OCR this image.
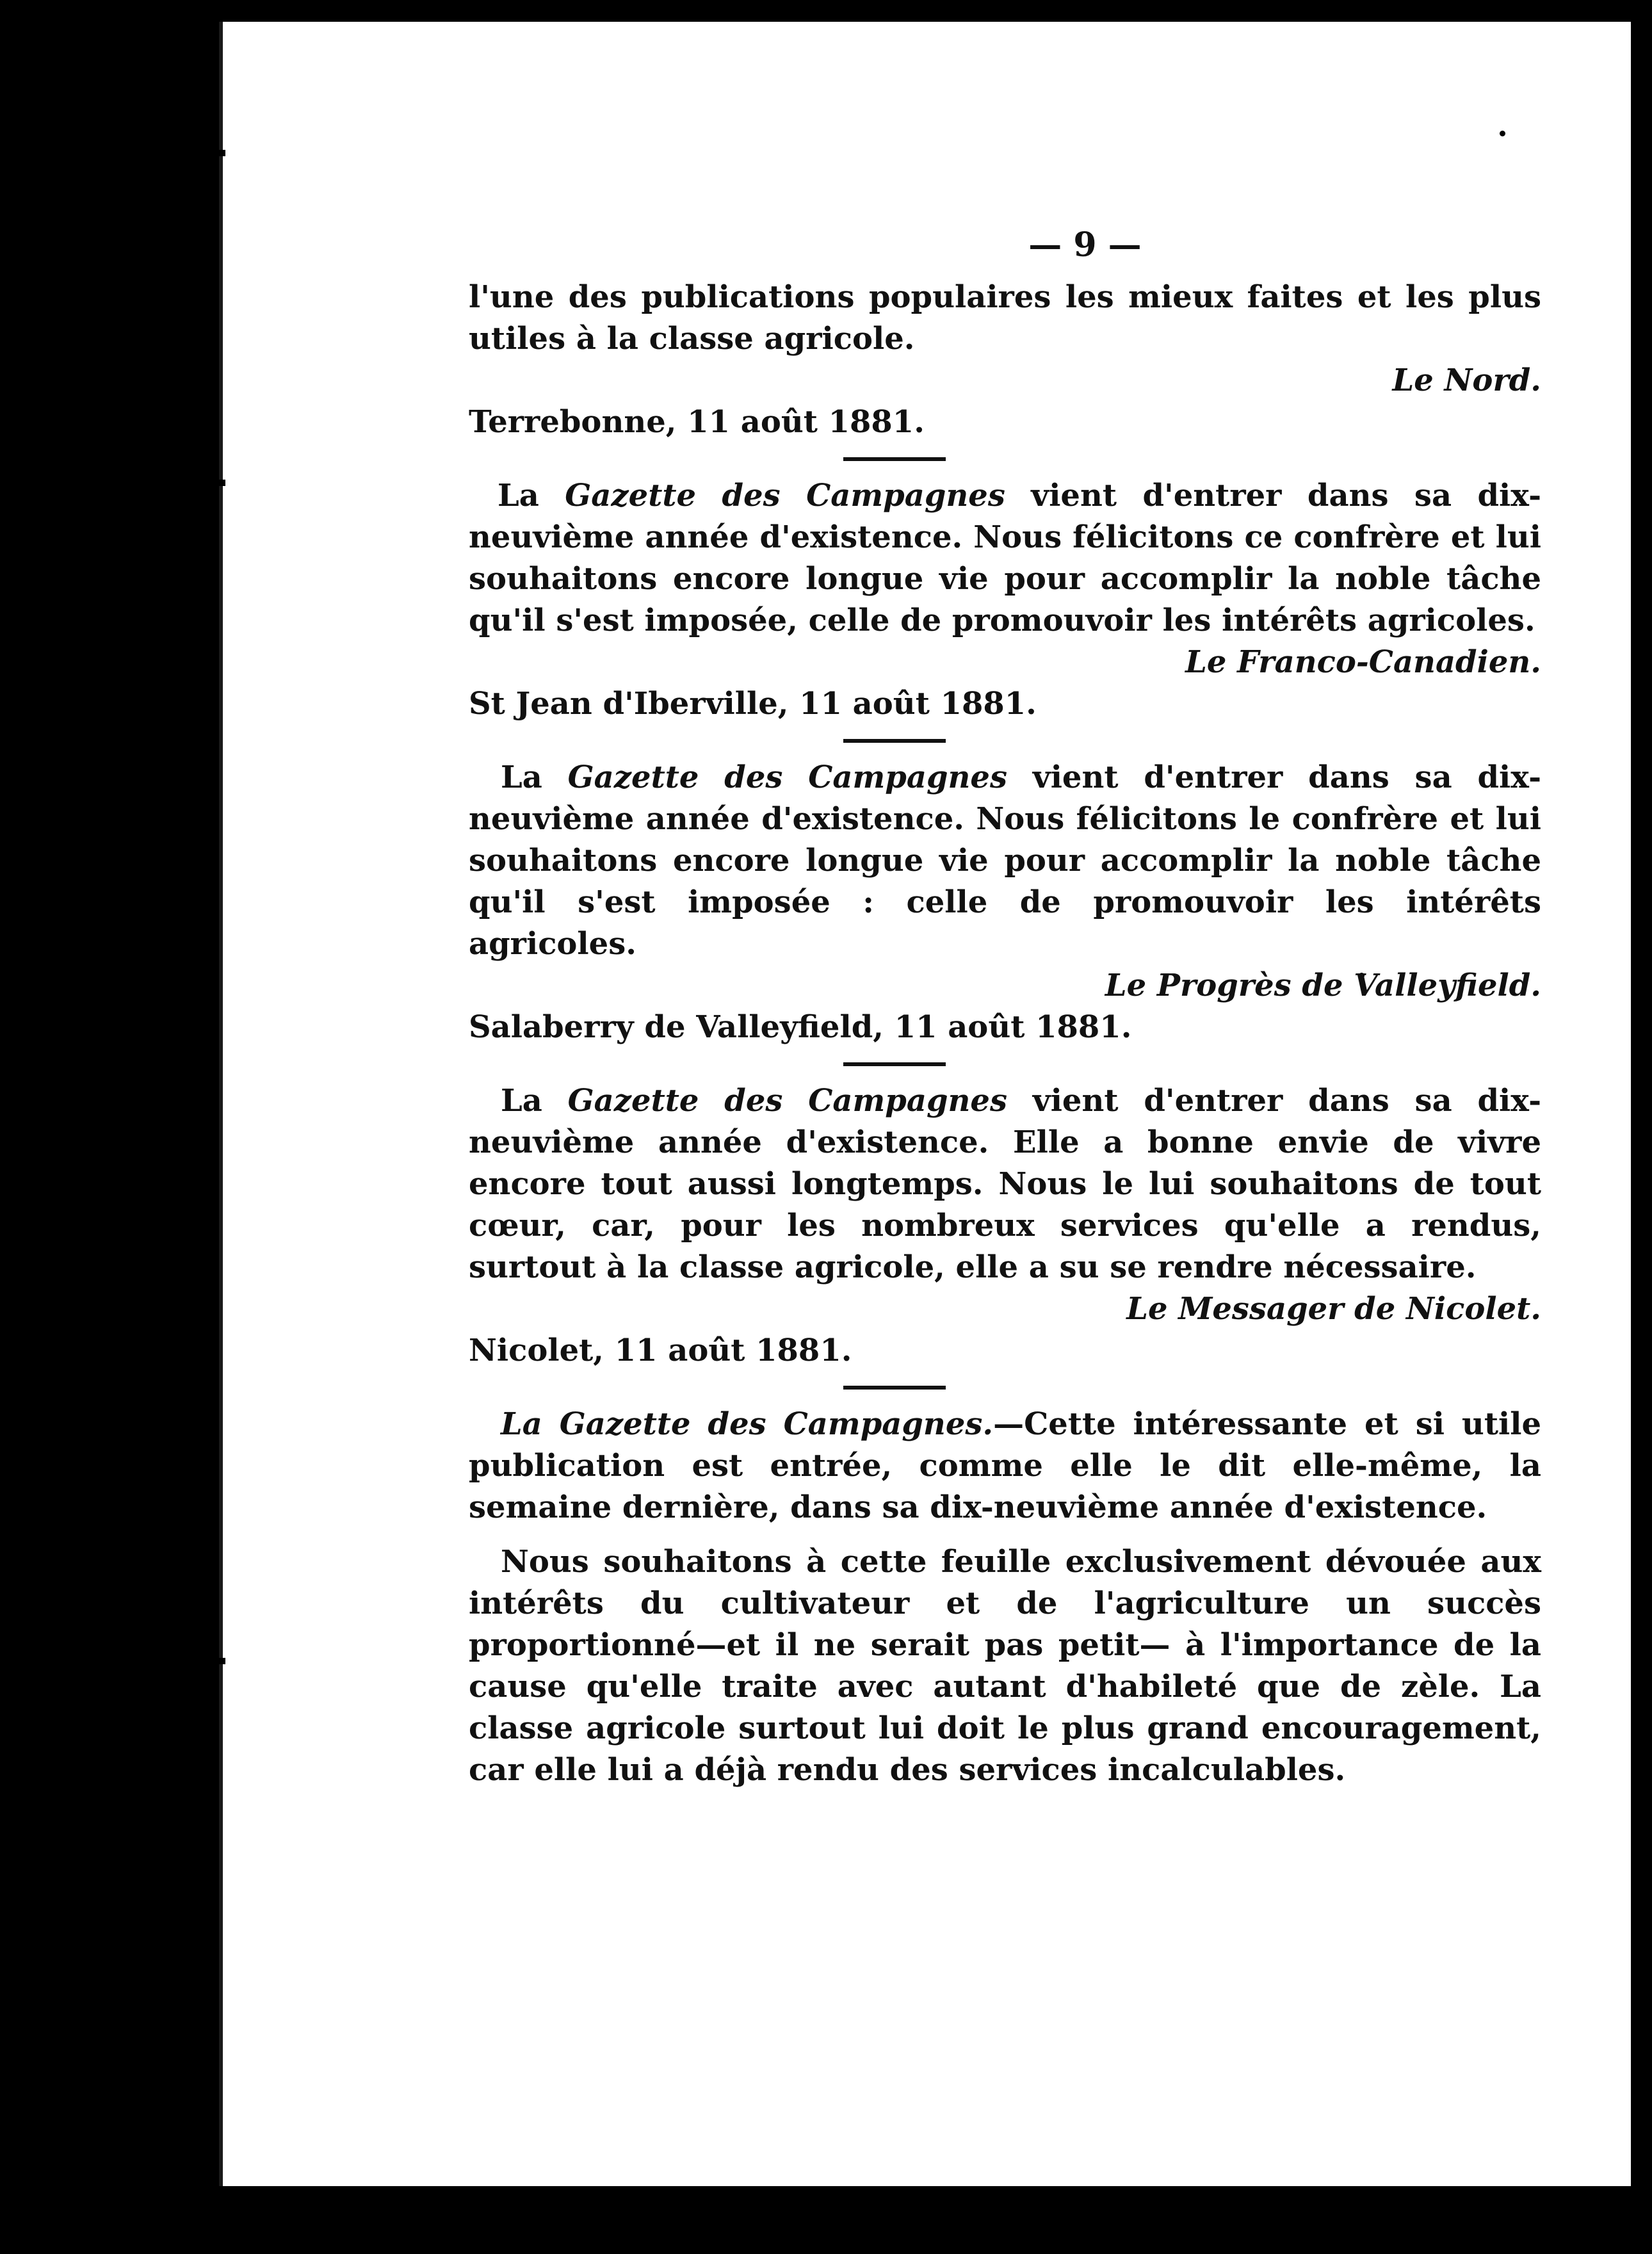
— 9 —

l'une des publications populaires les mieux faites et les plus utiles à la classe agricole.

Le Nord.

Terrebonne, 11 août 1881.

La Gazette des Campagnes vient d'entrer dans sa dix-neuvième année d'existence. Nous félicitons ce confrère et lui souhaitons encore longue vie pour accomplir la noble tâche qu'il s'est imposée, celle de promouvoir les intérêts agricoles.

Le Franco-Canadien.

St Jean d'Iberville, 11 août 1881.

La Gazette des Campagnes vient d'entrer dans sa dix-neuvième année d'existence. Nous félicitons le confrère et lui souhaitons encore longue vie pour accomplir la noble tâche qu'il s'est imposée : celle de promouvoir les intérêts agricoles.

Le Progrès de Valleyfield.

Salaberry de Valleyfield, 11 août 1881.

La Gazette des Campagnes vient d'entrer dans sa dix-neuvième année d'existence. Elle a bonne envie de vivre encore tout aussi longtemps. Nous le lui souhaitons de tout cœur, car, pour les nombreux services qu'elle a rendus, surtout à la classe agricole, elle a su se rendre nécessaire.

Le Messager de Nicolet.

Nicolet, 11 août 1881.

La Gazette des Campagnes.—Cette intéressante et si utile publication est entrée, comme elle le dit elle-même, la semaine dernière, dans sa dix-neuvième année d'existence.

Nous souhaitons à cette feuille exclusivement dévouée aux intérêts du cultivateur et de l'agriculture un succès proportionné—et il ne serait pas petit— à l'importance de la cause qu'elle traite avec autant d'habileté que de zèle. La classe agricole surtout lui doit le plus grand encouragement, car elle lui a déjà rendu des services incalculables.
